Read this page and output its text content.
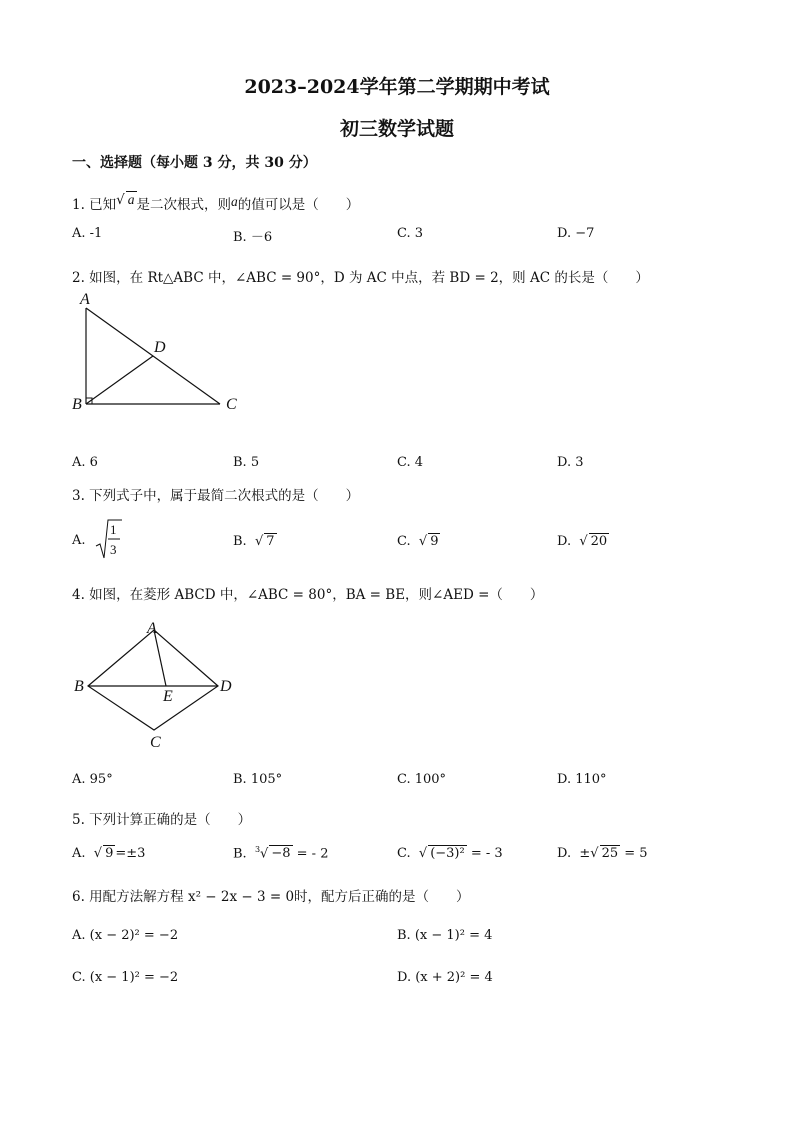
2023–2024学年第二学期期中考试
初三数学试题
一、选择题（每小题 3 分，共 30 分）
1. 已知√ a 是二次根式，则a的值可以是（　　）
A. -1	B. －6	C. 3	D. −7
2. 如图，在 Rt△ABC 中，∠ABC = 90°，D 为 AC 中点，若 BD = 2，则 AC 的长是（　　）
A
B	C
D
A. 6	B. 5	C. 4	D. 3
3. 下列式子中，属于最简二次根式的是（　　）
A.
1
3
B.  √ 7	C.  √ 9	D.  √ 20
4. 如图，在菱形 ABCD 中，∠ABC = 80°，BA = BE，则∠AED =（　　）
A
B	D
C
E
A. 95°	B. 105°	C. 100°	D. 110°
5. 下列计算正确的是（　　）
A.  √ 9 =±3	B. $^3$√ −8 = - 2	C.  √ (−3)² = - 3	D. ±√ 25 = 5
6. 用配方法解方程 x² − 2x − 3 = 0时，配方后正确的是（　　）
A. (x − 2)² = −2	B. (x − 1)² = 4
C. (x − 1)² = −2	D. (x + 2)² = 4
